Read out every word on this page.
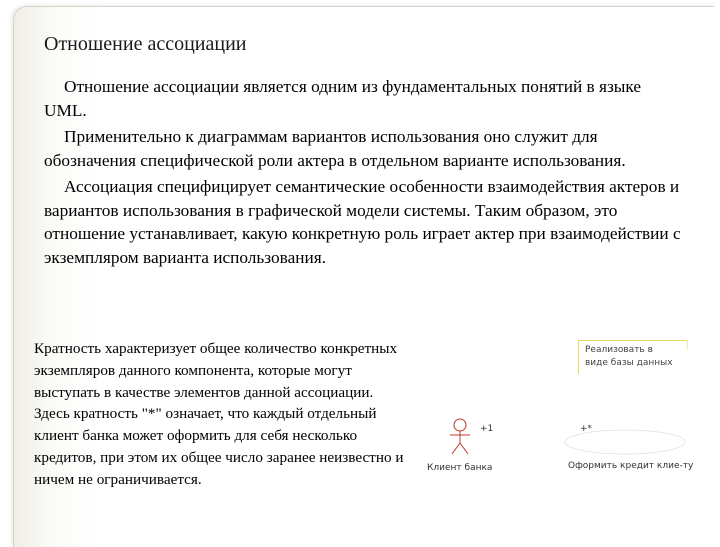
Отношение ассоциации

Отношение ассоциации является одним из фундаментальных понятий в языке UML.

Применительно к диаграммам вариантов использования оно служит для обозначения специфической роли актера в отдельном варианте использования.

Ассоциация специфицирует семантические особенности взаимодействия актеров и вариантов использования в графической модели системы. Таким образом, это отношение устанавливает, какую конкретную роль играет актер при взаимодействии с экземпляром варианта использования.

Кратность характеризует общее количество конкретных экземпляров данного компонента, которые могут выступать в качестве элементов данной ассоциации.

Здесь кратность "*" означает, что каждый отдельный клиент банка может оформить для себя несколько кредитов, при этом их общее число заранее неизвестно и ничем не ограничивается.

Реализовать в
виде базы данных
Клиент банка
+1	+*
Оформить кредит клие-ту
